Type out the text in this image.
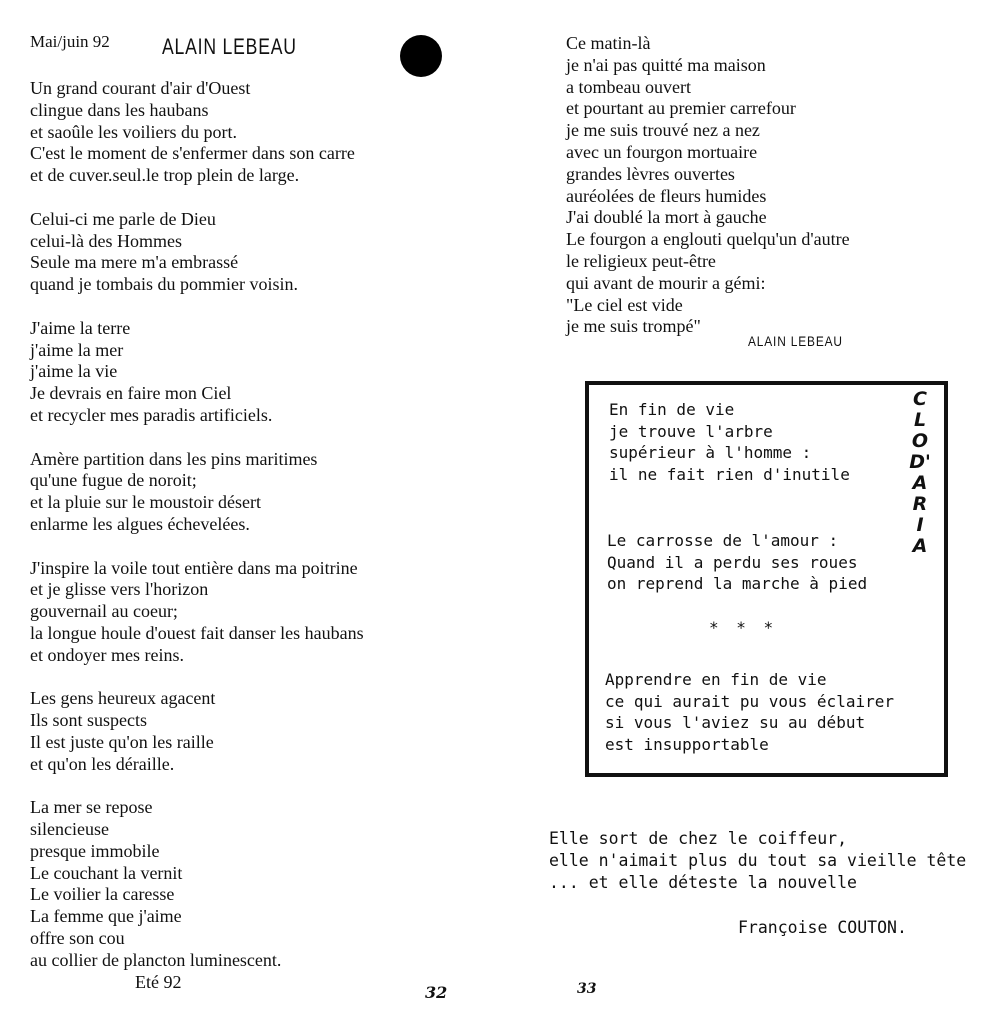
Mai/juin 92 ALAIN LEBEAU
Un grand courant d'air d'Ouest
clingue dans les haubans
et saoûle les voiliers du port.
C'est le moment de s'enfermer dans son carre
et de cuver.seul.le trop plein de large.
Celui-ci me parle de Dieu
celui-là des Hommes
Seule ma mere m'a embrassé
quand je tombais du pommier voisin.
J'aime la terre
j'aime la mer
j'aime la vie
Je devrais en faire mon Ciel
et recycler mes paradis artificiels.
Amère partition dans les pins maritimes
qu'une fugue de noroit;
et la pluie sur le moustoir désert
enlarme les algues échevelées.
J'inspire la voile tout entière dans ma poitrine
et je glisse vers l'horizon
gouvernail au coeur;
la longue houle d'ouest fait danser les haubans
et ondoyer mes reins.
Les gens heureux agacent
Ils sont suspects
Il est juste qu'on les raille
et qu'on les déraille.
La mer se repose
silencieuse
presque immobile
Le couchant la vernit
Le voilier la caresse
La femme que j'aime
offre son cou
au collier de plancton luminescent.
Eté 92
32
Ce matin-là
je n'ai pas quitté ma maison
a tombeau ouvert
et pourtant au premier carrefour
je me suis trouvé nez a nez
avec un fourgon mortuaire
grandes lèvres ouvertes
auréolées de fleurs humides
J'ai doublé la mort à gauche
Le fourgon a englouti quelqu'un d'autre
le religieux peut-être
qui avant de mourir a gémi:
"Le ciel est vide
je me suis trompé"
ALAIN LEBEAU
En fin de vie
je trouve l'arbre
supérieur à l'homme :
il ne fait rien d'inutile
Le carrosse de l'amour :
Quand il a perdu ses roues
on reprend la marche à pied
* * *
Apprendre en fin de vie
ce qui aurait pu vous éclairer
si vous l'aviez su au début
est insupportable
C
L
O
D'
A
R
I
A
Elle sort de chez le coiffeur,
elle n'aimait plus du tout sa vieille tête
... et elle déteste la nouvelle
Françoise COUTON.
33
